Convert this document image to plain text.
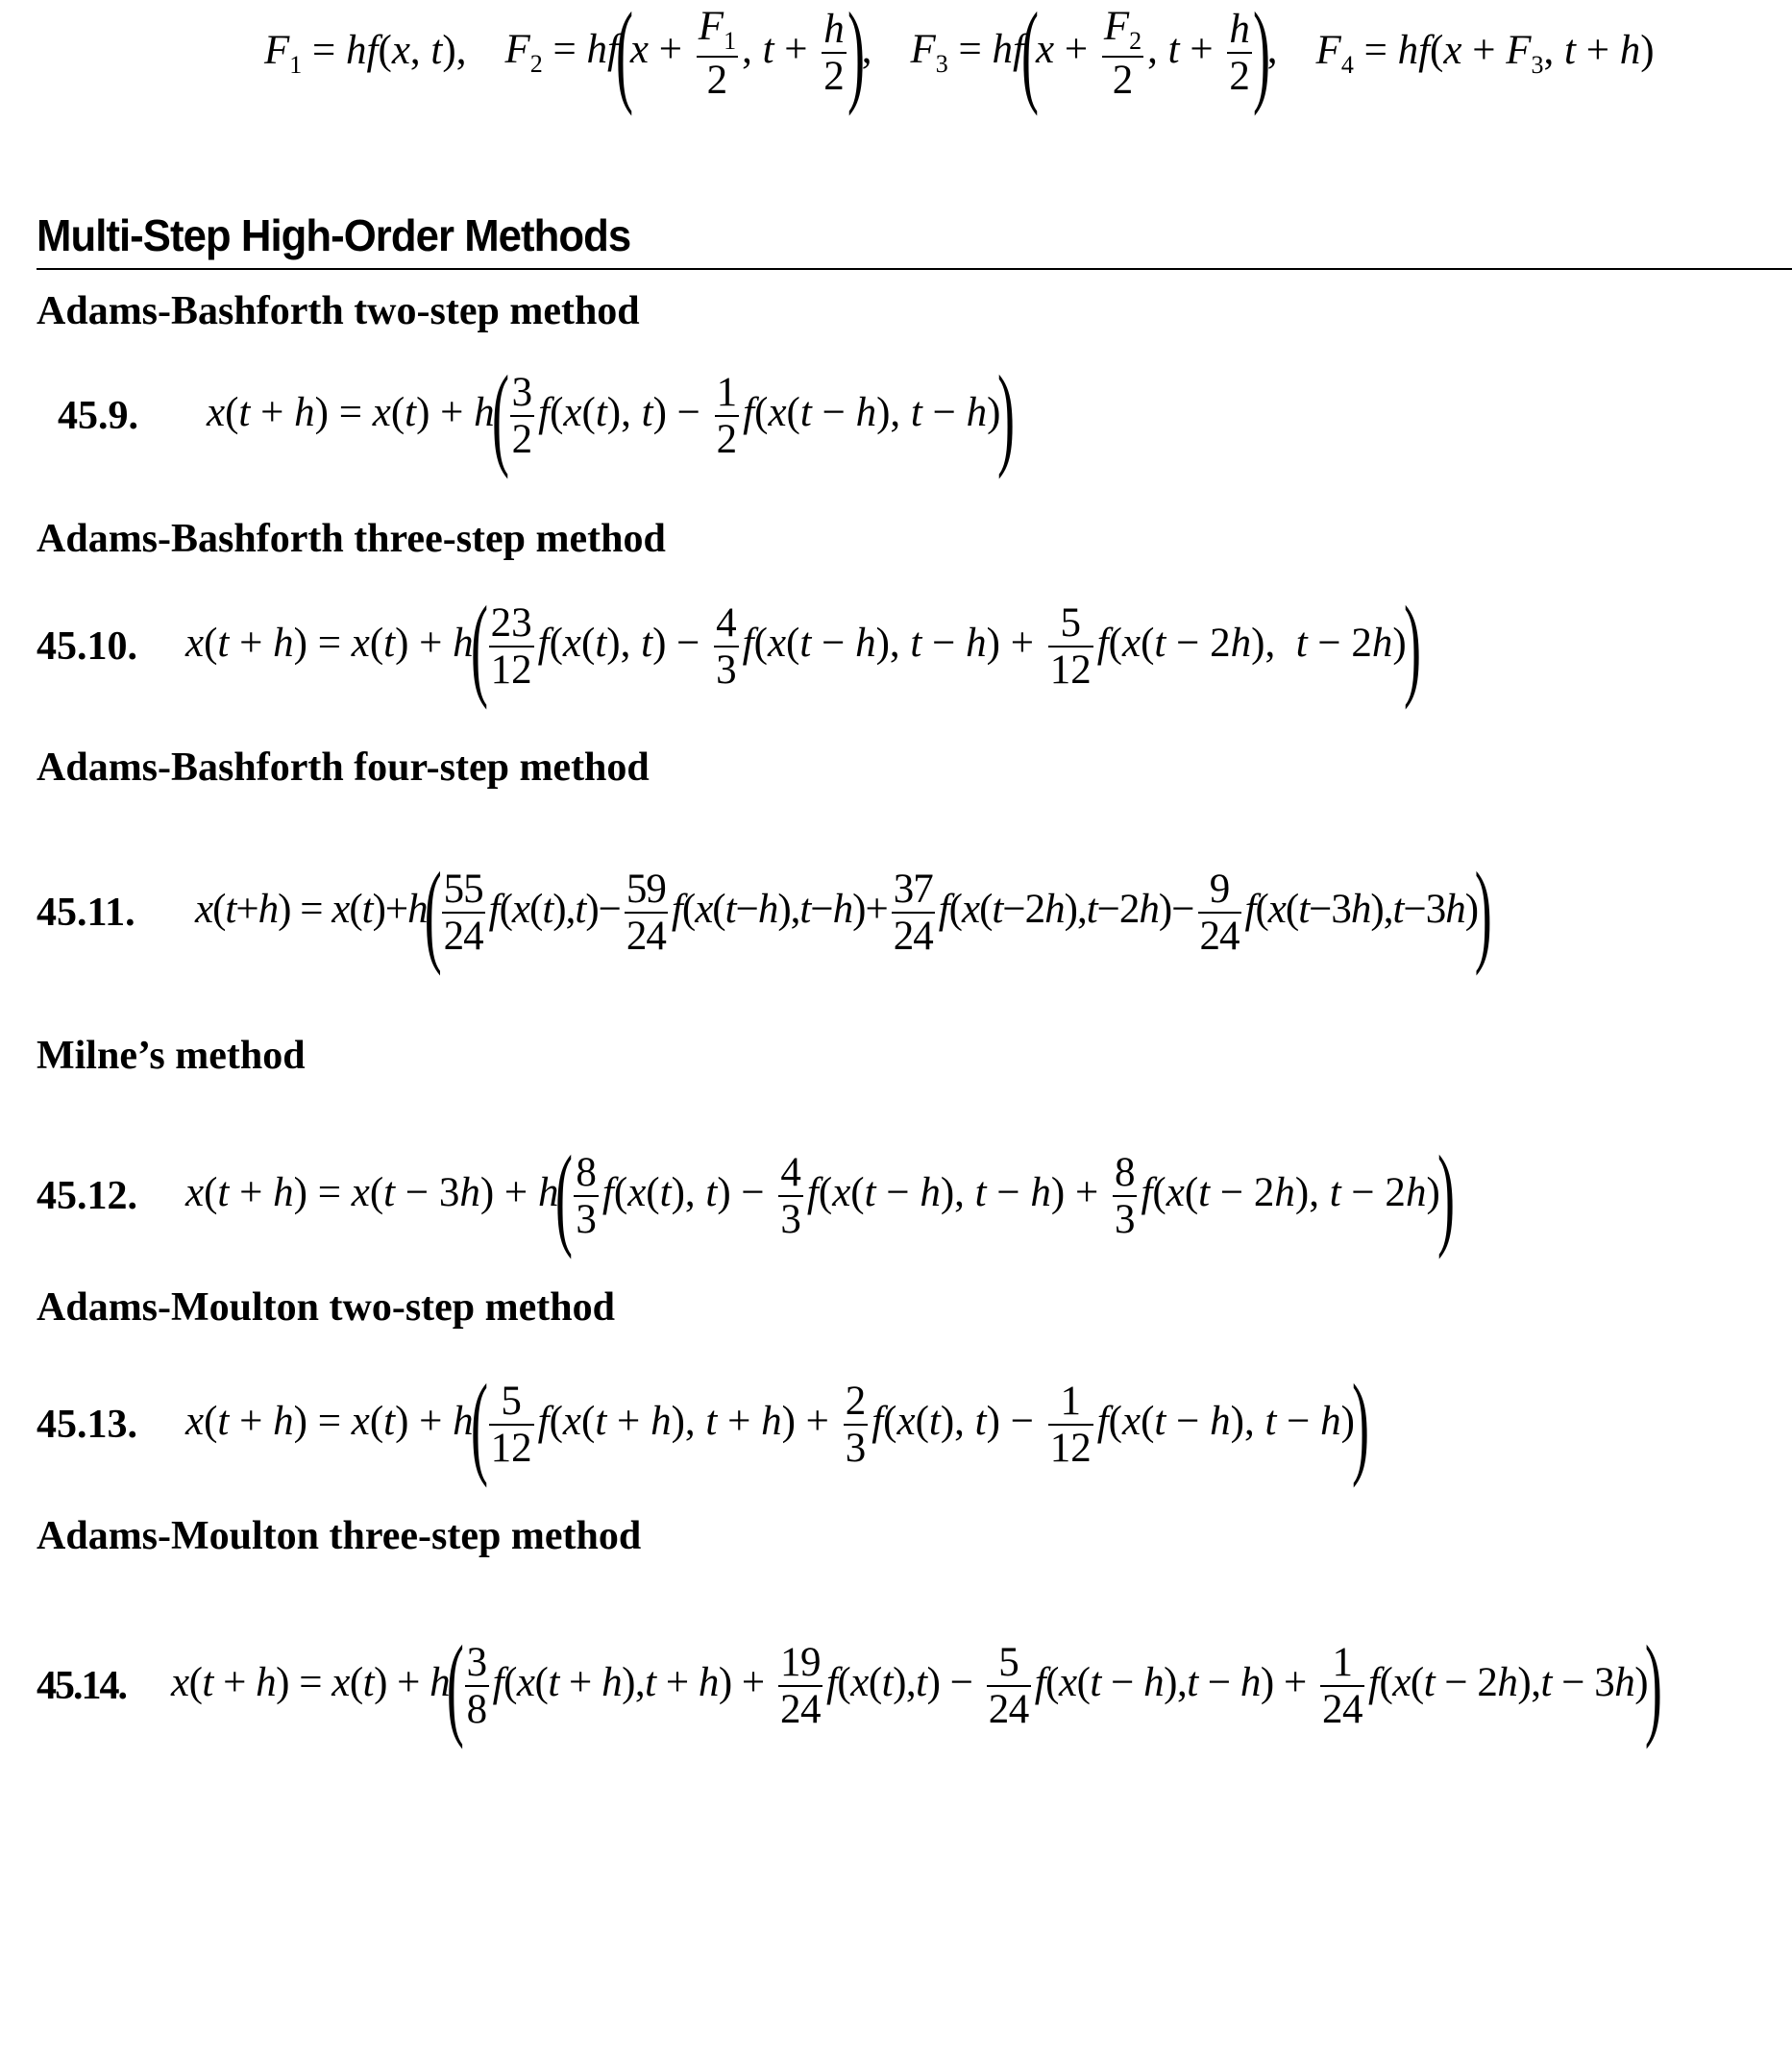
$F_1 = hf(x$, t), $F_2 = hf(x + \frac{F_1}{2}$ , $t + \frac{h}{2}$ ), $F_3 = hf(x + \frac{F_2}{2}$ , $t + \frac{h}{2}$ ), $F_4 = hf(x + F_3$, t + h)
Multi-Step High-Order Methods
Adams-Bashforth two-step method
45.9.	$x(t + h) = x(t) + h( \frac{3}{2} f(x(t)$, $t) - \frac{1}{2} f(x(t - h)$, t − h))
Adams-Bashforth three-step method
45.10.	$x(t + h) = x(t) + h( \frac{23}{12} f(x(t)$, $t) - \frac{4}{3} f(x(t - h)$, $t - h) + \frac{5}{12} f(x(t - 2h)$,  t − 2h))
Adams-Bashforth four-step method
45.11.	$x(t+h) = x(t)+h( \frac{55}{24} f(x(t),t)- \frac{59}{24} f(x(t-h),t-h)+ \frac{37}{24} f(x(t-2h),t-2h)- \frac{9}{24} f(x(t-3h),t-3h))$
Milne’s method
45.12.	$x(t + h) = x(t - 3h) + h( \frac{8}{3} f(x(t)$, $t) - \frac{4}{3} f(x(t - h)$, $t - h) + \frac{8}{3} f(x(t - 2h)$, t − 2h))
Adams-Moulton two-step method
45.13.	$x(t + h) = x(t) + h( \frac{5}{12} f(x(t + h)$, $t + h) + \frac{2}{3} f(x(t)$, $t) - \frac{1}{12} f(x(t - h)$, t − h))
Adams-Moulton three-step method
45.14.	$x(t + h) = x(t) + h( \frac{3}{8} f(x(t + h),t + h) + \frac{19}{24} f(x(t),t) - \frac{5}{24} f(x(t - h),t - h) + \frac{1}{24} f(x(t - 2h),t - 3h))$
